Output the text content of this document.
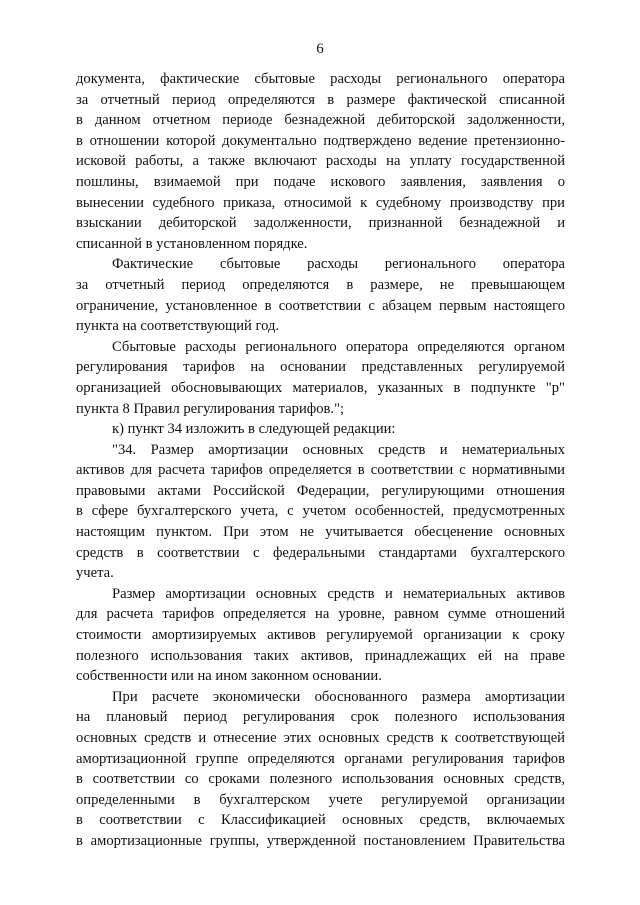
6
документа, фактические сбытовые расходы регионального оператора
за отчетный период определяются в размере фактической списанной
в данном отчетном периоде безнадежной дебиторской задолженности,
в отношении которой документально подтверждено ведение претензионно-
исковой работы, а также включают расходы на уплату государственной
пошлины, взимаемой при подаче искового заявления, заявления о
вынесении судебного приказа, относимой к судебному производству при
взыскании дебиторской задолженности, признанной безнадежной и
списанной в установленном порядке.
Фактические сбытовые расходы регионального оператора
за отчетный период определяются в размере, не превышающем
ограничение, установленное в соответствии с абзацем первым настоящего
пункта на соответствующий год.
Сбытовые расходы регионального оператора определяются органом
регулирования тарифов на основании представленных регулируемой
организацией обосновывающих материалов, указанных в подпункте "р"
пункта 8 Правил регулирования тарифов.";
к) пункт 34 изложить в следующей редакции:
"34. Размер амортизации основных средств и нематериальных
активов для расчета тарифов определяется в соответствии с нормативными
правовыми актами Российской Федерации, регулирующими отношения
в сфере бухгалтерского учета, с учетом особенностей, предусмотренных
настоящим пунктом. При этом не учитывается обесценение основных
средств в соответствии с федеральными стандартами бухгалтерского
учета.
Размер амортизации основных средств и нематериальных активов
для расчета тарифов определяется на уровне, равном сумме отношений
стоимости амортизируемых активов регулируемой организации к сроку
полезного использования таких активов, принадлежащих ей на праве
собственности или на ином законном основании.
При расчете экономически обоснованного размера амортизации
на плановый период регулирования срок полезного использования
основных средств и отнесение этих основных средств к соответствующей
амортизационной группе определяются органами регулирования тарифов
в соответствии со сроками полезного использования основных средств,
определенными в бухгалтерском учете регулируемой организации
в соответствии с Классификацией основных средств, включаемых
в амортизационные группы, утвержденной постановлением Правительства
